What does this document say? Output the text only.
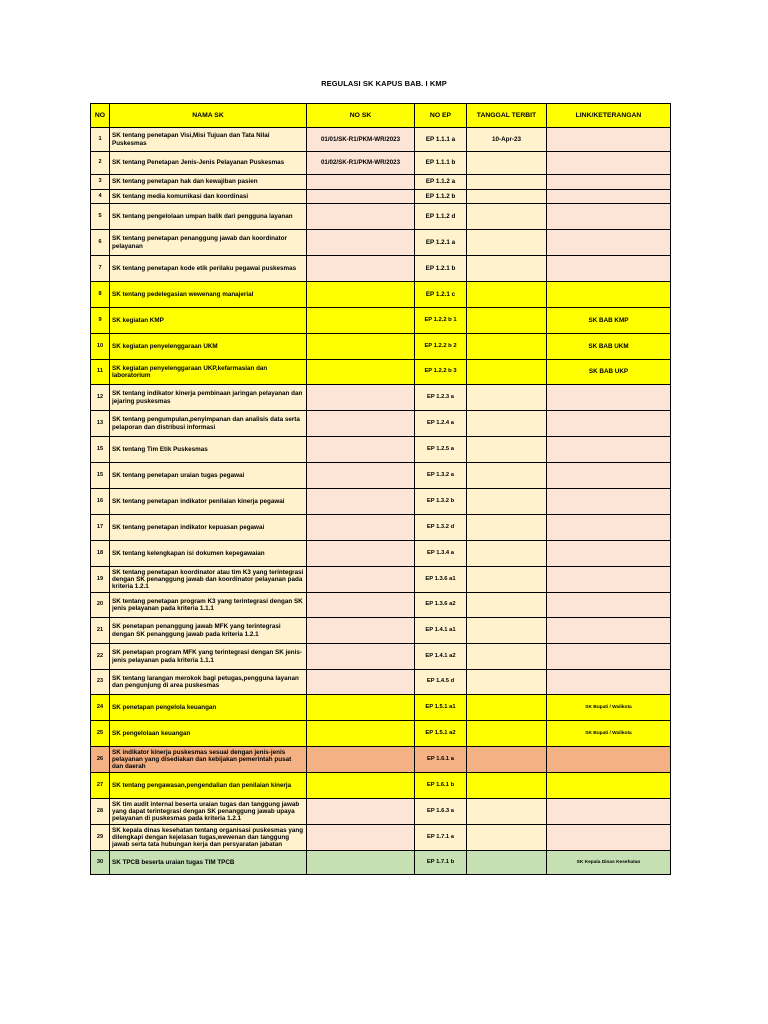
REGULASI SK KAPUS BAB. I KMP
NO	NAMA SK	NO SK	NO EP	TANGGAL TERBIT	LINK/KETERANGAN
1	SK tentang penetapan Visi,Misi Tujuan dan Tata Nilai Puskesmas	01/01/SK-R1/PKM-WR/2023	EP 1.1.1 a	10-Apr-23	
2	SK tentang Penetapan Jenis-Jenis Pelayanan Puskesmas	01/02/SK-R1/PKM-WR/2023	EP 1.1.1 b		
3	SK tentang penetapan hak dan kewajiban pasien		EP 1.1.2 a		
4	SK tentang media komunikasi dan koordinasi		EP 1.1.2 b		
5	SK tentang pengelolaan umpan balik dari pengguna layanan		EP 1.1.2 d		
6	SK tentang penetapan penanggung jawab dan koordinator pelayanan		EP 1.2.1 a		
7	SK tentang penetapan kode etik perilaku pegawai puskesmas		EP 1.2.1 b		
8	SK tentang pedelegasian wewenang manajerial		EP 1.2.1 c		
9	SK kegiatan KMP		EP 1.2.2 b 1		SK BAB KMP
10	SK kegiatan penyelenggaraan UKM		EP 1.2.2 b 2		SK BAB UKM
11	SK kegiatan penyelenggaraan UKP,kefarmasian dan laboratorium		EP 1.2.2 b 3		SK BAB UKP
12	SK tentang indikator kinerja pembinaan jaringan pelayanan dan jejaring puskesmas		EP 1.2.3 a		
13	SK tentang pengumpulan,penyimpanan dan analisis data serta pelaporan dan distribusi informasi		EP 1.2.4 a		
15	SK tentang Tim Etik Puskesmas		EP 1.2.5 a		
15	SK tentang penetapan uraian tugas pegawai		EP 1.3.2 a		
16	SK tentang penetapan indikator penilaian kinerja pegawai		EP 1.3.2 b		
17	SK tentang penetapan indikator kepuasan pegawai		EP 1.3.2 d		
18	SK tentang kelengkapan isi dokumen kepegawaian		EP 1.3.4 a		
19	SK tentang penetapan koordinator atau tim K3 yang terintegrasi dengan SK penanggung jawab dan koordinator pelayanan pada kriteria 1.2.1		EP 1.3.6 a1		
20	SK tentang penetapan program K3 yang terintegrasi dengan SK jenis pelayanan pada kriteria 1.1.1		EP 1.3.6 a2		
21	SK penetapan penanggung jawab MFK yang terintegrasi dengan SK penanggung jawab pada kriteria 1.2.1		EP 1.4.1 a1		
22	SK penetapan program MFK yang terintegrasi dengan SK jenis-jenis pelayanan pada kriteria 1.1.1		EP 1.4.1 a2		
23	SK tentang larangan merokok bagi petugas,pengguna layanan dan pengunjung di area puskesmas		EP 1.4.5 d		
24	SK penetapan pengelola keuangan		EP 1.5.1 a1		SK Bupati / Walikota
25	SK pengelolaan keuangan		EP 1.5.1 a2		SK Bupati / Walikota
26	SK indikator kinerja puskesmas sesuai dengan jenis-jenis pelayanan yang disediakan dan kebijakan pemerintah pusat dan daerah		EP 1.6.1 a		
27	SK tentang pengawasan,pengendalian dan penilaian kinerja		EP 1.6.1 b		
28	SK tim audit internal beserta uraian tugas dan tanggung jawab yang dapat terintegrasi dengan SK penanggung jawab upaya pelayanan di puskesmas pada kriteria 1.2.1		EP 1.6.3 a		
29	SK kepala dinas kesehatan tentang organisasi puskesmas yang dilengkapi dengan kejelasan tugas,wewenan dan tanggung jawab serta tata hubungan kerja dan persyaratan jabatan		EP 1.7.1 a		
30	SK TPCB beserta uraian tugas TIM TPCB		EP 1.7.1 b		SK Kepala Dinas Kesehatan
